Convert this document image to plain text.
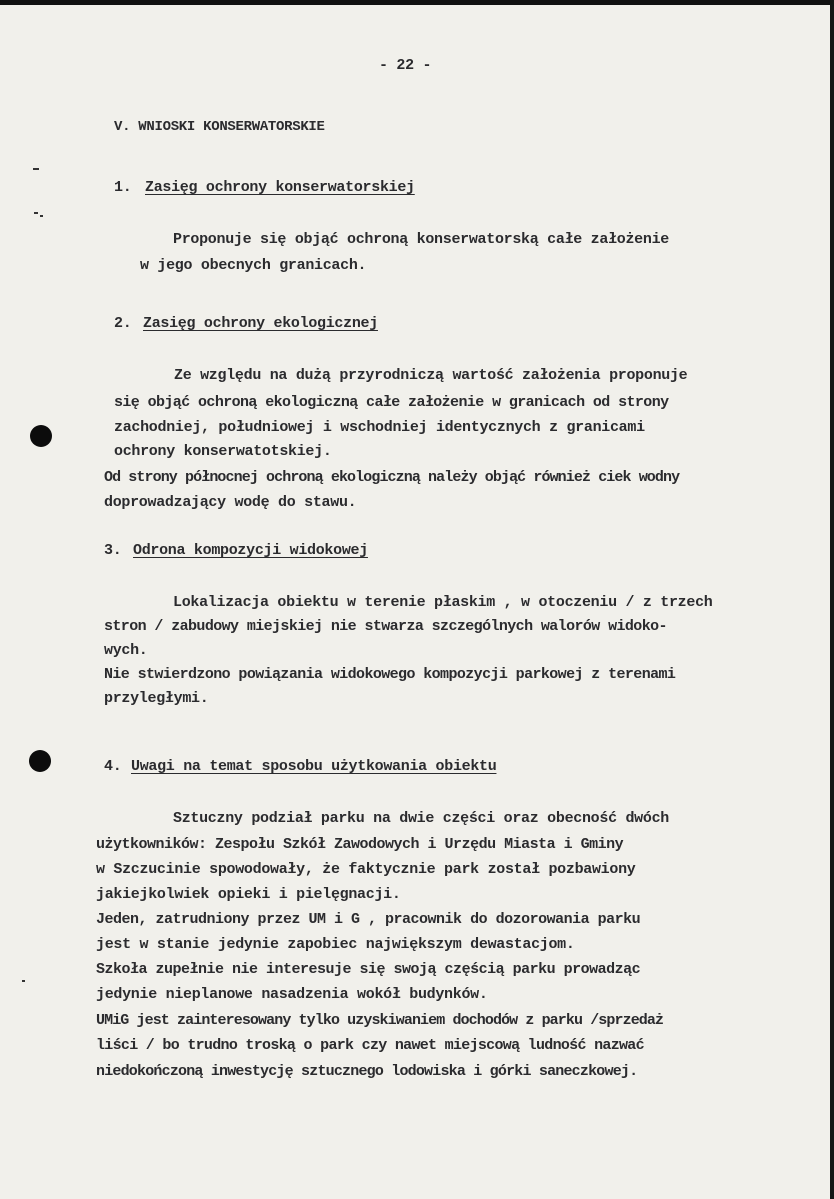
- 22 -
V. WNIOSKI KONSERWATORSKIE
1. Zasięg ochrony konserwatorskiej
Proponuje się objąć ochroną konserwatorską całe założenie
w jego obecnych granicach.
2. Zasięg ochrony ekologicznej
Ze względu na dużą przyrodniczą wartość założenia proponuje
się objąć ochroną ekologiczną całe założenie w granicach od strony
zachodniej, południowej i wschodniej identycznych z granicami
ochrony konserwatotskiej.
Od strony północnej ochroną ekologiczną należy objąć również ciek wodny
doprowadzający wodę do stawu.
3. Odrona kompozycji widokowej
Lokalizacja obiektu w terenie płaskim , w otoczeniu / z trzech
stron / zabudowy miejskiej nie stwarza szczególnych walorów widoko-
wych.
Nie stwierdzono powiązania widokowego kompozycji parkowej z terenami
przyległymi.
4. Uwagi na temat sposobu użytkowania obiektu
Sztuczny podział parku na dwie części oraz obecność dwóch
użytkowników: Zespołu Szkół Zawodowych i Urzędu Miasta i Gminy
w Szczucinie spowodowały, że faktycznie park został pozbawiony
jakiejkolwiek opieki i pielęgnacji.
Jeden, zatrudniony przez UM i G , pracownik do dozorowania parku
jest w stanie jedynie zapobiec największym dewastacjom.
Szkoła zupełnie nie interesuje się swoją częścią parku prowadząc
jedynie nieplanowe nasadzenia wokół budynków.
UMiG jest zainteresowany tylko uzyskiwaniem dochodów z parku /sprzedaż
liści / bo trudno troską o park czy nawet miejscową ludność nazwać
niedokończoną inwestycję sztucznego lodowiska i górki saneczkowej.
